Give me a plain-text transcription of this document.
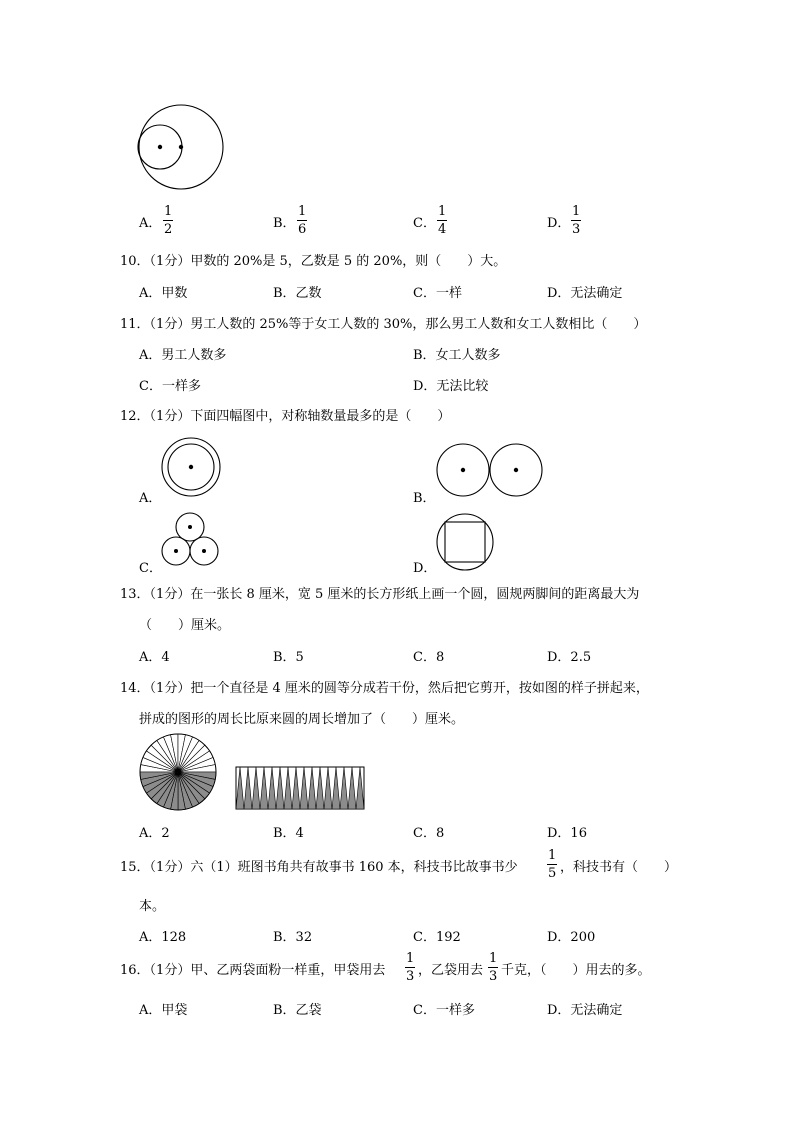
A． $\frac{1}{2}$	B． $\frac{1}{6}$	C． $\frac{1}{4}$	D． $\frac{1}{3}$
10．（1分）甲数的 20%是 5，乙数是 5 的 20%，则（　　）大。
A．甲数	B．乙数	C．一样	D．无法确定
11．（1分）男工人数的 25%等于女工人数的 30%，那么男工人数和女工人数相比（　　）
A．男工人数多	B．女工人数多
C．一样多	D．无法比较
12．（1分）下面四幅图中，对称轴数量最多的是（　　）
A．	B．
C．	D．
13．（1分）在一张长 8 厘米，宽 5 厘米的长方形纸上画一个圆，圆规两脚间的距离最大为
（　　）厘米。
A．4	B．5	C．8	D．2.5
14．（1分）把一个直径是 4 厘米的圆等分成若干份，然后把它剪开，按如图的样子拼起来，
拼成的图形的周长比原来圆的周长增加了（　　）厘米。
A．2	B．4	C．8	D．16
15．（1分）六（1）班图书角共有故事书 160 本，科技书比故事书少 $\frac{1}{5}$ ，科技书有（　　）
本。
A．128	B．32	C．192	D．200
16．（1分）甲、乙两袋面粉一样重，甲袋用去 $\frac{1}{3}$ ，乙袋用去 $\frac{1}{3}$ 千克，（　　）用去的多。
A．甲袋	B．乙袋	C．一样多	D．无法确定
